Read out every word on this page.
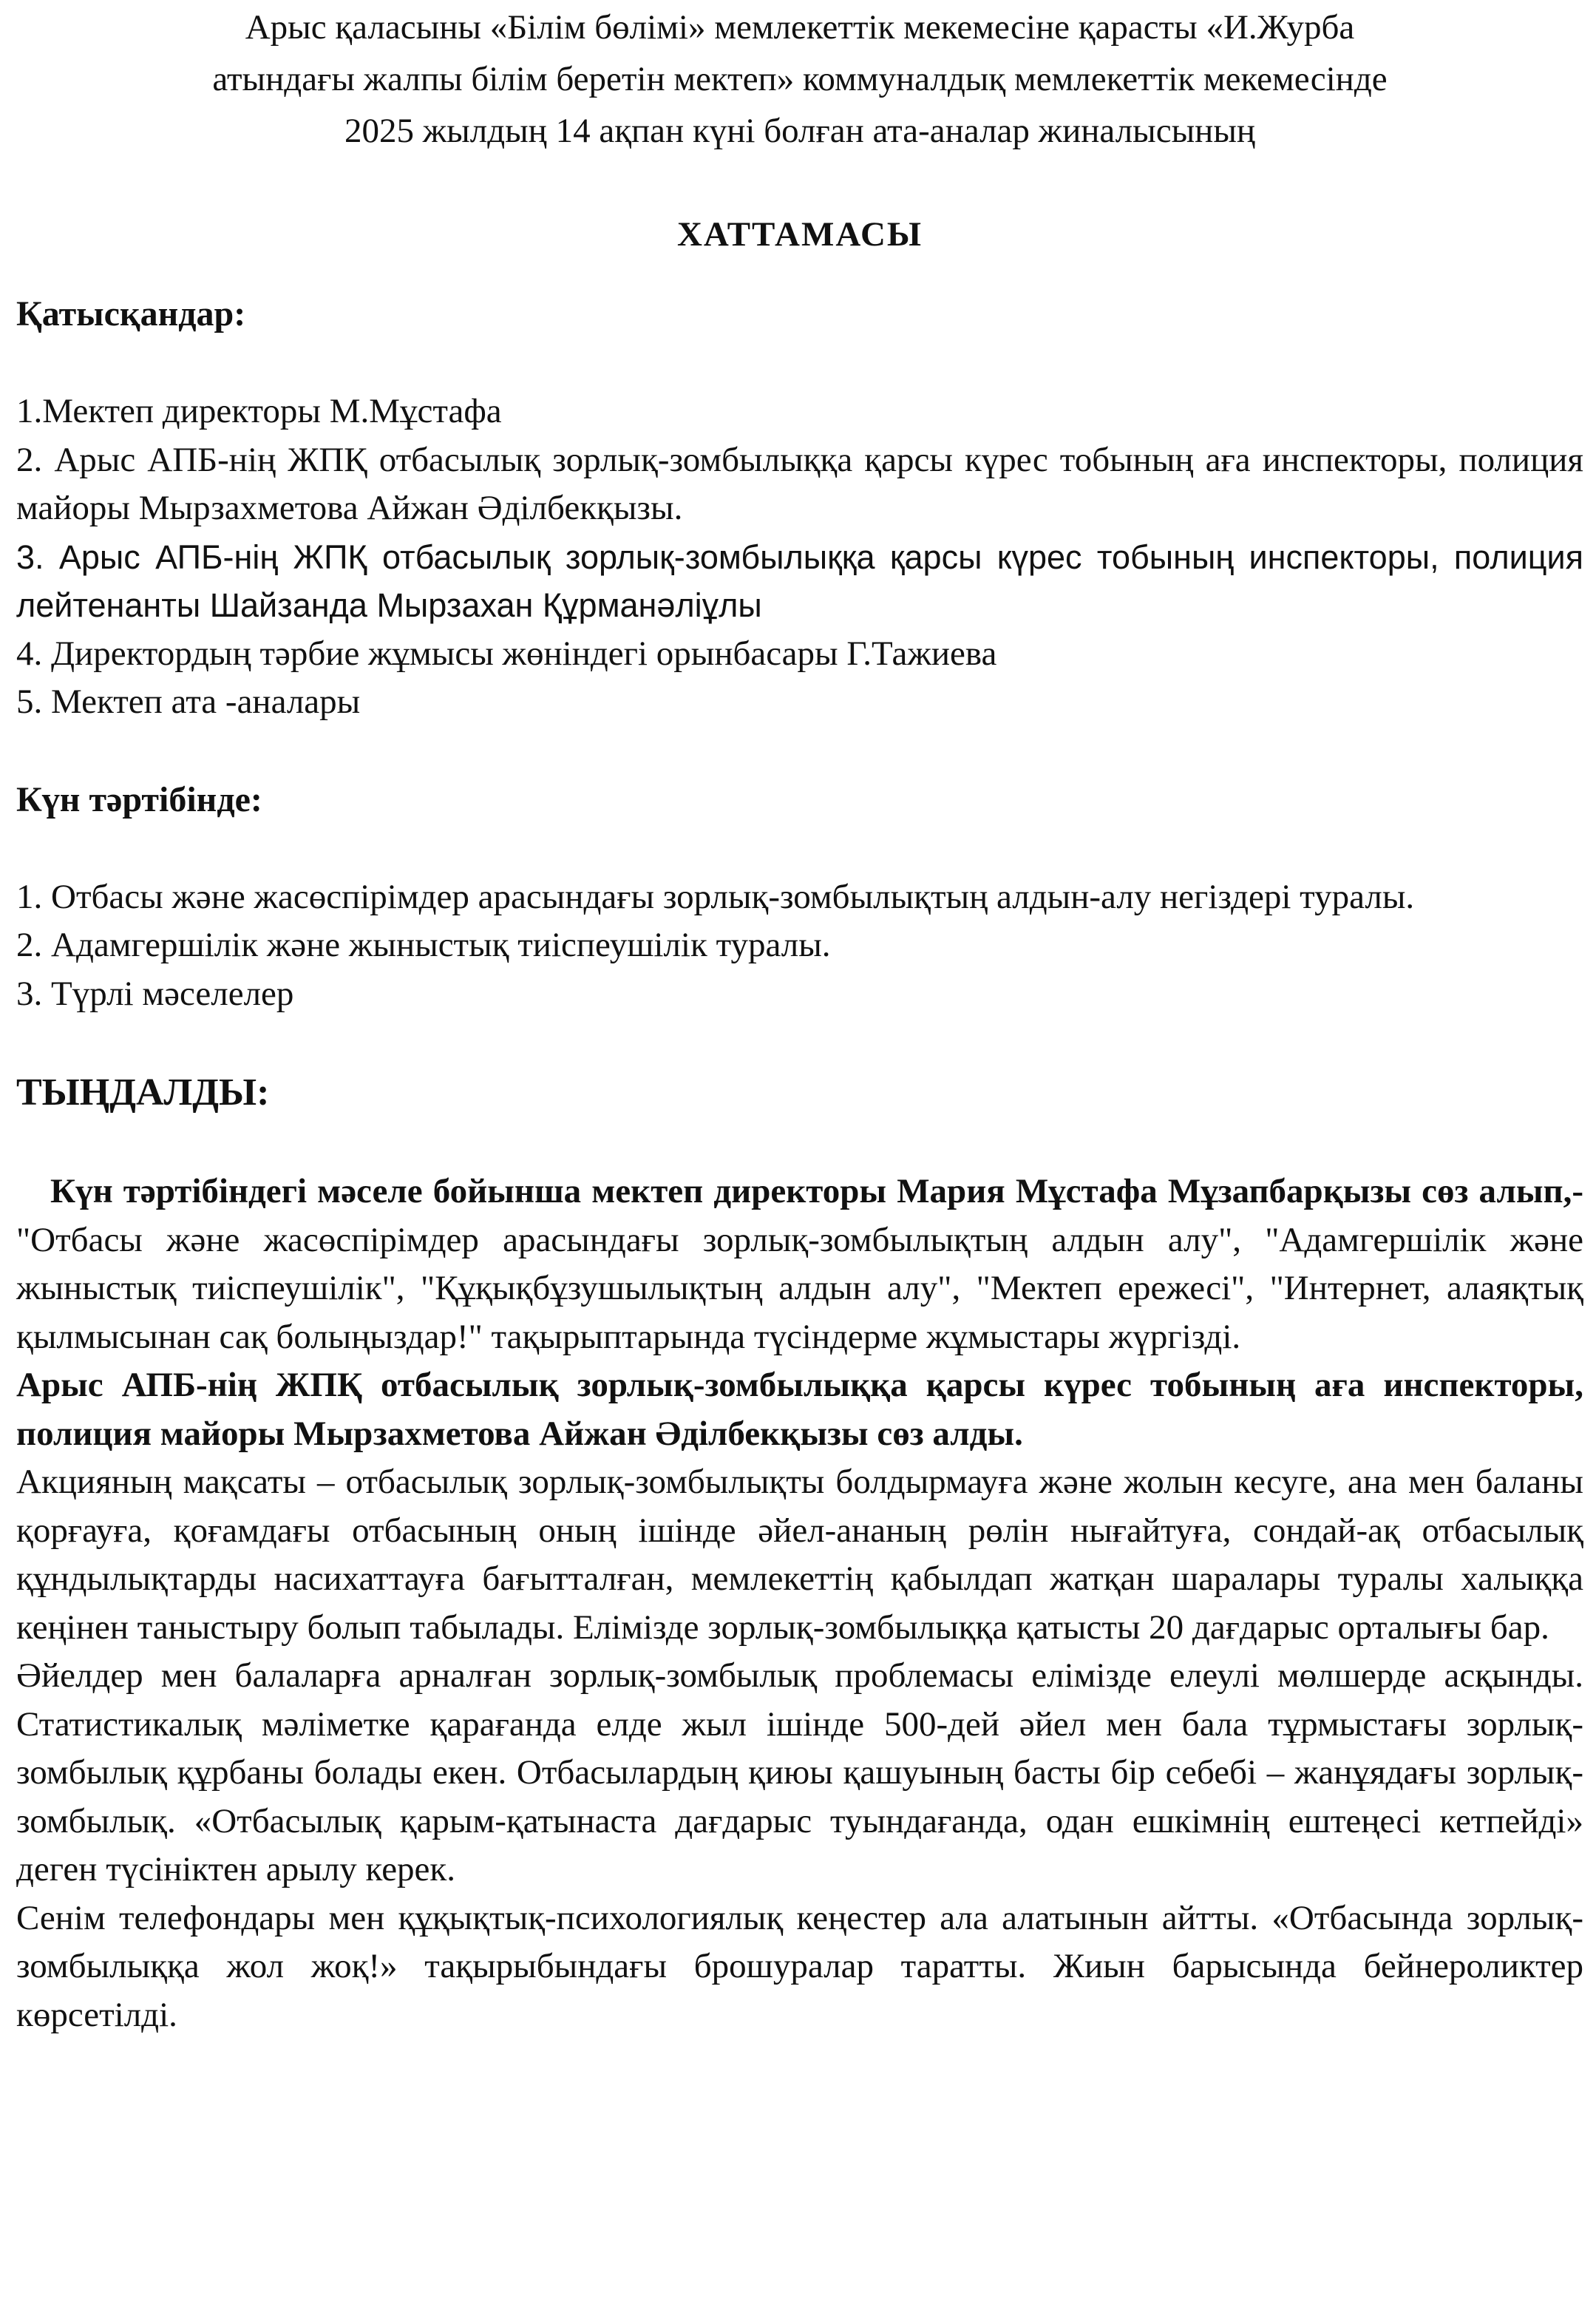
Арыс қаласыны «Білім бөлімі» мемлекеттік мекемесіне қарасты «И.Журба
атындағы жалпы білім беретін мектеп» коммуналдық мемлекеттік мекемесінде
2025 жылдың 14 ақпан күні болған ата-аналар жиналысының
ХАТТАМАСЫ
Қатысқандар:

1.Мектеп директоры М.Мұстафа

2. Арыс АПБ-нің ЖПҚ отбасылық зорлық-зомбылыққа қарсы күрес тобының аға инспекторы, полиция майоры Мырзахметова Айжан Әділбекқызы.

3. Арыс АПБ-нің ЖПҚ отбасылық зорлық-зомбылыққа қарсы күрес тобының инспекторы, полиция лейтенанты Шайзанда Мырзахан Құрманәліұлы

4. Директордың тәрбие жұмысы жөніндегі орынбасары Г.Тажиева

5. Мектеп ата -аналары

Күн тәртібінде:

1. Отбасы және жасөспірімдер арасындағы зорлық-зомбылықтың алдын-алу негіздері туралы.

2. Адамгершілік және жыныстық тиіспеушілік туралы.

3. Түрлі мәселелер

ТЫҢДАЛДЫ:

Күн тәртібіндегі мәселе бойынша мектеп директоры Мария Мұстафа Мұзапбарқызы сөз алып,- "Отбасы және жасөспірімдер арасындағы зорлық-зомбылықтың алдын алу", "Адамгершілік және жыныстық тиіспеушілік", "Құқықбұзушылықтың алдын алу", "Мектеп ережесі", "Интернет, алаяқтық қылмысынан сақ болыңыздар!" тақырыптарында түсіндерме жұмыстары жүргізді.

Арыс АПБ-нің ЖПҚ отбасылық зорлық-зомбылыққа қарсы күрес тобының аға инспекторы, полиция майоры Мырзахметова Айжан Әділбекқызы сөз алды.

Акцияның мақсаты – отбасылық зорлық-зомбылықты болдырмауға және жолын кесуге, ана мен баланы қорғауға, қоғамдағы отбасының оның ішінде әйел-ананың рөлін нығайтуға, сондай-ақ отбасылық құндылықтарды насихаттауға бағытталған, мемлекеттің қабылдап жатқан шаралары туралы халыққа кеңінен таныстыру болып табылады. Елімізде зорлық-зомбылыққа қатысты 20 дағдарыс орталығы бар.

Әйелдер мен балаларға арналған зорлық-зомбылық проблемасы елімізде елеулі мөлшерде асқынды. Статистикалық мәліметке қарағанда елде жыл ішінде 500-дей әйел мен бала тұрмыстағы зорлық-зомбылық құрбаны болады екен. Отбасылардың қиюы қашуының басты бір себебі – жанұядағы зорлық-зомбылық. «Отбасылық қарым-қатынаста дағдарыс туындағанда, одан ешкімнің ештеңесі кетпейді» деген түсініктен арылу керек.

Сенім телефондары мен құқықтық-психологиялық кеңестер ала алатынын айтты. «Отбасында зорлық-зомбылыққа жол жоқ!» тақырыбындағы брошуралар таратты. Жиын барысында бейнероликтер көрсетілді.
